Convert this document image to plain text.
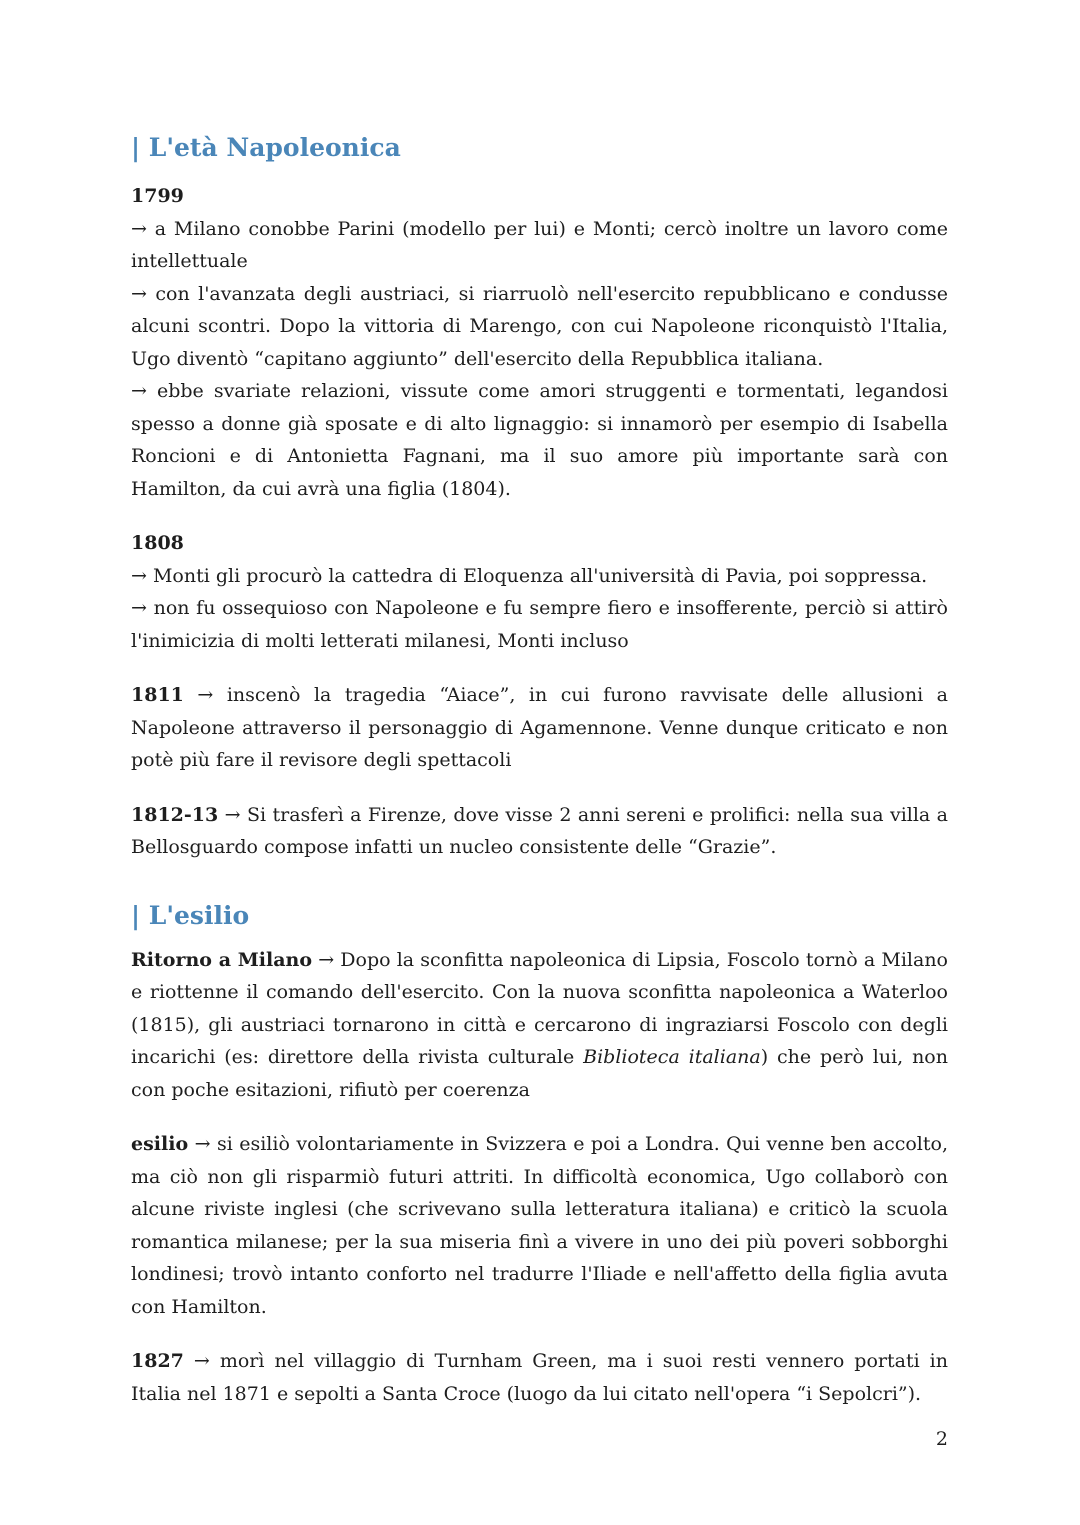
| L'età Napoleonica
1799

→ a Milano conobbe Parini (modello per lui) e Monti; cercò inoltre un lavoro come intellettuale

→ con l'avanzata degli austriaci, si riarruolò nell'esercito repubblicano e condusse alcuni scontri. Dopo la vittoria di Marengo, con cui Napoleone riconquistò l'Italia, Ugo diventò “capitano aggiunto” dell'esercito della Repubblica italiana.

→ ebbe svariate relazioni, vissute come amori struggenti e tormentati, legandosi spesso a donne già sposate e di alto lignaggio: si innamorò per esempio di Isabella Roncioni e di Antonietta Fagnani, ma il suo amore più importante sarà con Hamilton, da cui avrà una figlia (1804).

1808

→ Monti gli procurò la cattedra di Eloquenza all'università di Pavia, poi soppressa.

→ non fu ossequioso con Napoleone e fu sempre fiero e insofferente, perciò si attirò l'inimicizia di molti letterati milanesi, Monti incluso

1811 → inscenò la tragedia “Aiace”, in cui furono ravvisate delle allusioni a Napoleone attraverso il personaggio di Agamennone. Venne dunque criticato e non potè più fare il revisore degli spettacoli

1812-13 → Si trasferì a Firenze, dove visse 2 anni sereni e prolifici: nella sua villa a Bellosguardo compose infatti un nucleo consistente delle “Grazie”.

| L'esilio

Ritorno a Milano → Dopo la sconfitta napoleonica di Lipsia, Foscolo tornò a Milano e riottenne il comando dell'esercito. Con la nuova sconfitta napoleonica a Waterloo (1815), gli austriaci tornarono in città e cercarono di ingraziarsi Foscolo con degli incarichi (es: direttore della rivista culturale Biblioteca italiana) che però lui, non con poche esitazioni, rifiutò per coerenza

esilio → si esiliò volontariamente in Svizzera e poi a Londra. Qui venne ben accolto, ma ciò non gli risparmiò futuri attriti. In difficoltà economica, Ugo collaborò con alcune riviste inglesi (che scrivevano sulla letteratura italiana) e criticò la scuola romantica milanese; per la sua miseria finì a vivere in uno dei più poveri sobborghi londinesi; trovò intanto conforto nel tradurre l'Iliade e nell'affetto della figlia avuta con Hamilton.

1827 → morì nel villaggio di Turnham Green, ma i suoi resti vennero portati in Italia nel 1871 e sepolti a Santa Croce (luogo da lui citato nell'opera “i Sepolcri”).

2
